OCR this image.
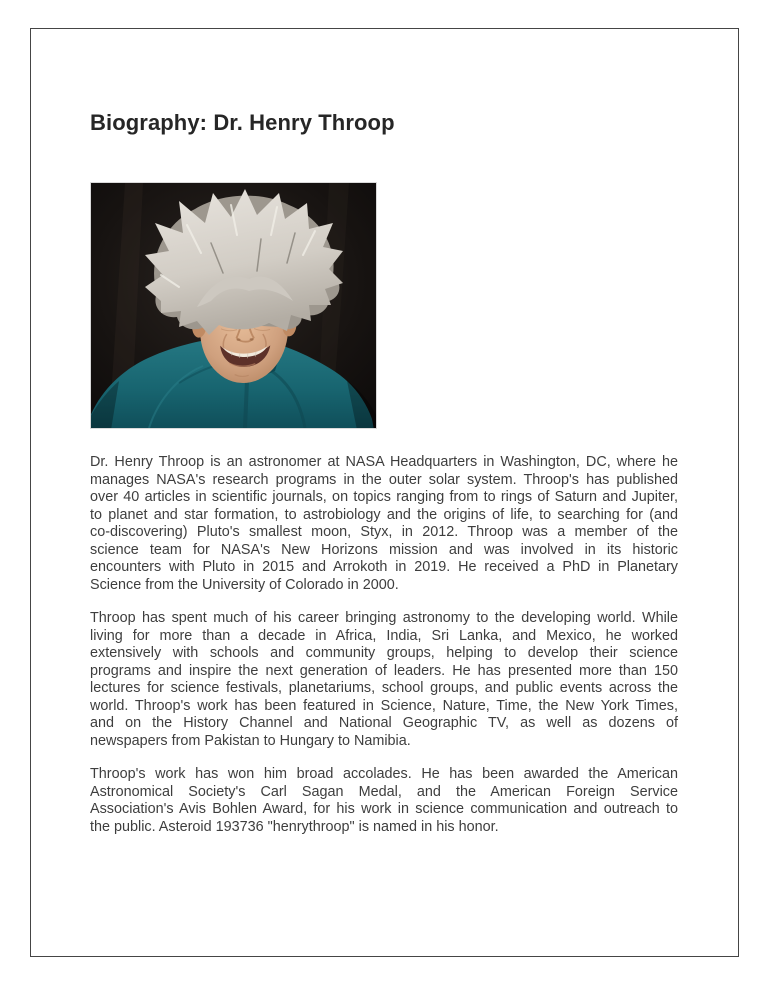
Biography: Dr. Henry Throop
Dr. Henry Throop is an astronomer at NASA Headquarters in Washington, DC, where he
manages NASA's research programs in the outer solar system. Throop's has published
over 40 articles in scientific journals, on topics ranging from to rings of Saturn and Jupiter,
to planet and star formation, to astrobiology and the origins of life, to searching for (and
co-discovering) Pluto's smallest moon, Styx, in 2012. Throop was a member of the
science team for NASA's New Horizons mission and was involved in its historic
encounters with Pluto in 2015 and Arrokoth in 2019. He received a PhD in Planetary
Science from the University of Colorado in 2000.
Throop has spent much of his career bringing astronomy to the developing world. While
living for more than a decade in Africa, India, Sri Lanka, and Mexico, he worked
extensively with schools and community groups, helping to develop their science
programs and inspire the next generation of leaders. He has presented more than 150
lectures for science festivals, planetariums, school groups, and public events across the
world. Throop's work has been featured in Science, Nature, Time, the New York Times,
and on the History Channel and National Geographic TV, as well as dozens of
newspapers from Pakistan to Hungary to Namibia.
Throop's work has won him broad accolades. He has been awarded the American
Astronomical Society's Carl Sagan Medal, and the American Foreign Service
Association's Avis Bohlen Award, for his work in science communication and outreach to
the public. Asteroid 193736 "henrythroop" is named in his honor.
